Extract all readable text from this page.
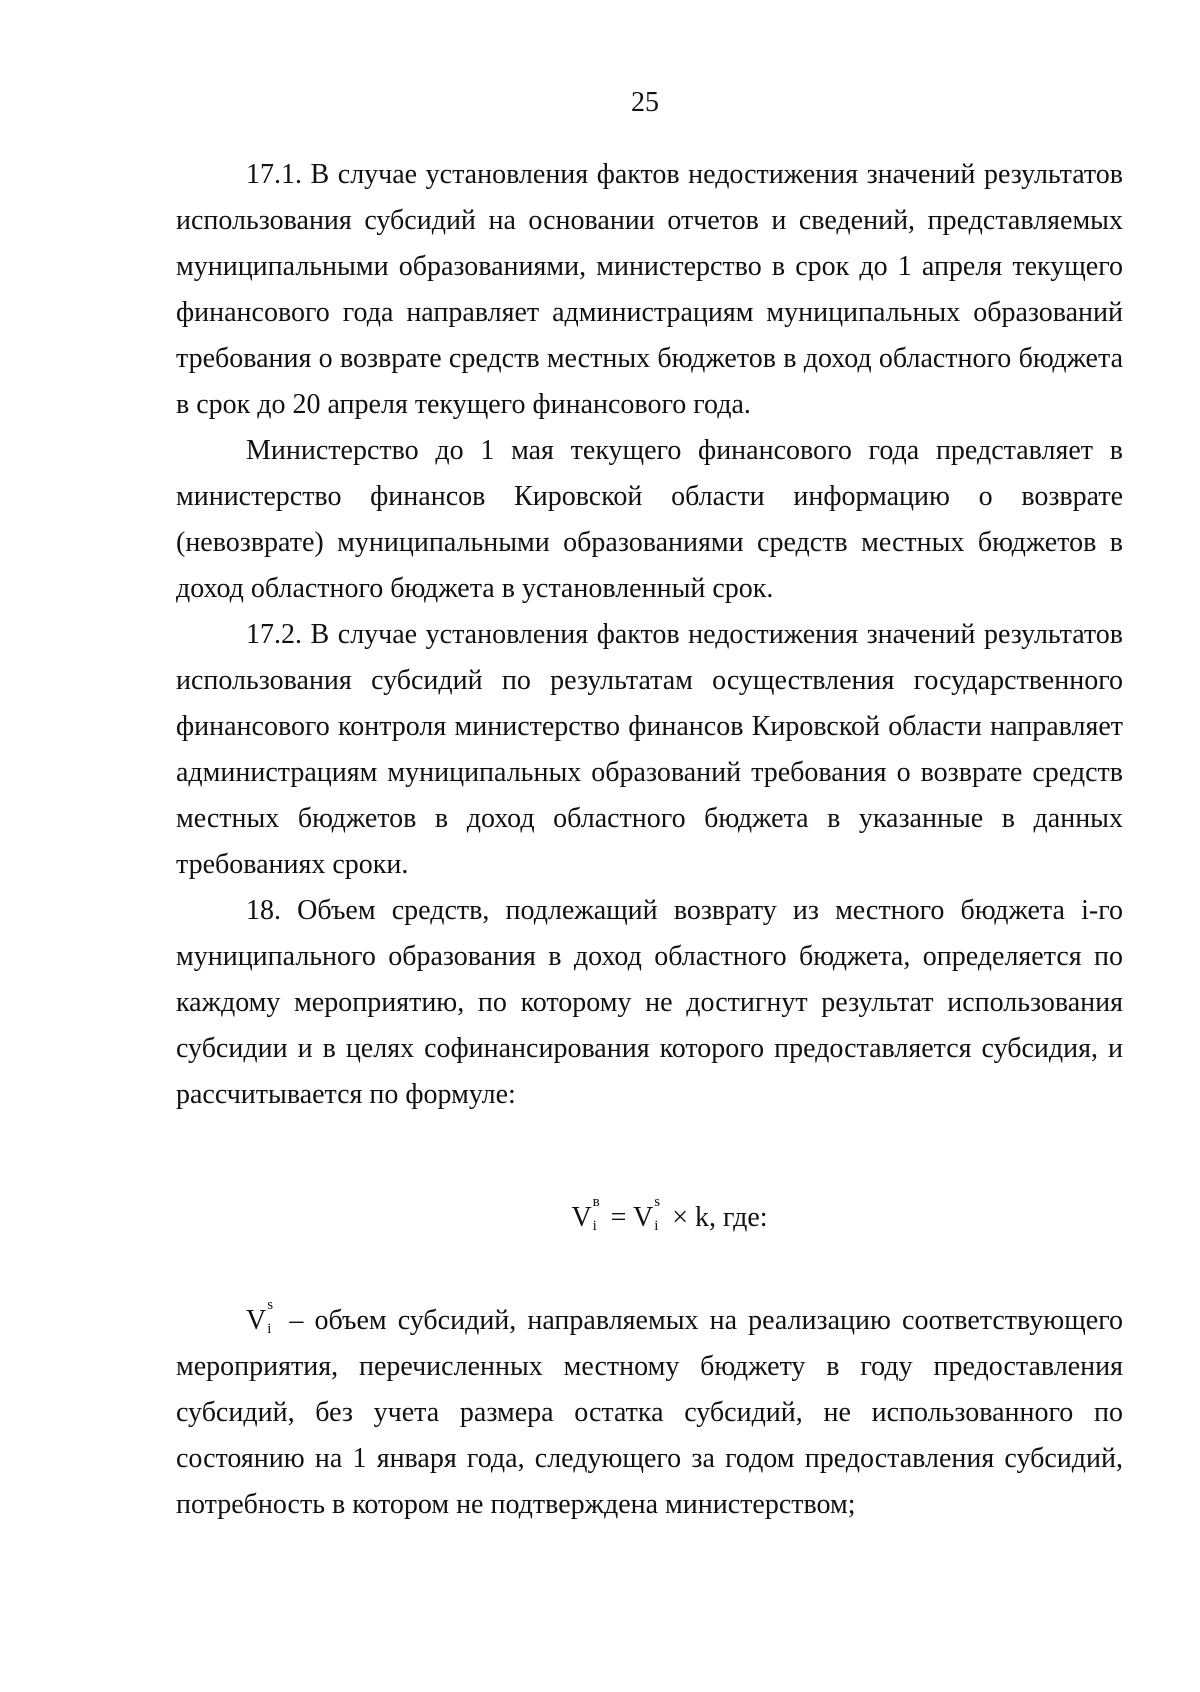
25

17.1. В случае установления фактов недостижения значений результатов использования субсидий на основании отчетов и сведений, представляемых муниципальными образованиями, министерство в срок до 1 апреля текущего финансового года направляет администрациям муниципальных образований требования о возврате средств местных бюджетов в доход областного бюджета в срок до 20 апреля текущего финансового года.

Министерство до 1 мая текущего финансового года представляет в министерство финансов Кировской области информацию о возврате (невозврате) муниципальными образованиями средств местных бюджетов в доход областного бюджета в установленный срок.

17.2. В случае установления фактов недостижения значений результатов использования субсидий по результатам осуществления государственного финансового контроля министерство финансов Кировской области направляет администрациям муниципальных образований требования о возврате средств местных бюджетов в доход областного бюджета в указанные в данных требованиях сроки.

18. Объем средств, подлежащий возврату из местного бюджета i-го муниципального образования в доход областного бюджета, определяется по каждому мероприятию, по которому не достигнут результат использования субсидии и в целях софинансирования которого предоставляется субсидия, и рассчитывается по формуле:

V в
i = V s
i × k, где:

V s
i – объем субсидий, направляемых на реализацию соответствующего мероприятия, перечисленных местному бюджету в году предоставления субсидий, без учета размера остатка субсидий, не использованного по состоянию на 1 января года, следующего за годом предоставления субсидий, потребность в котором не подтверждена министерством;
